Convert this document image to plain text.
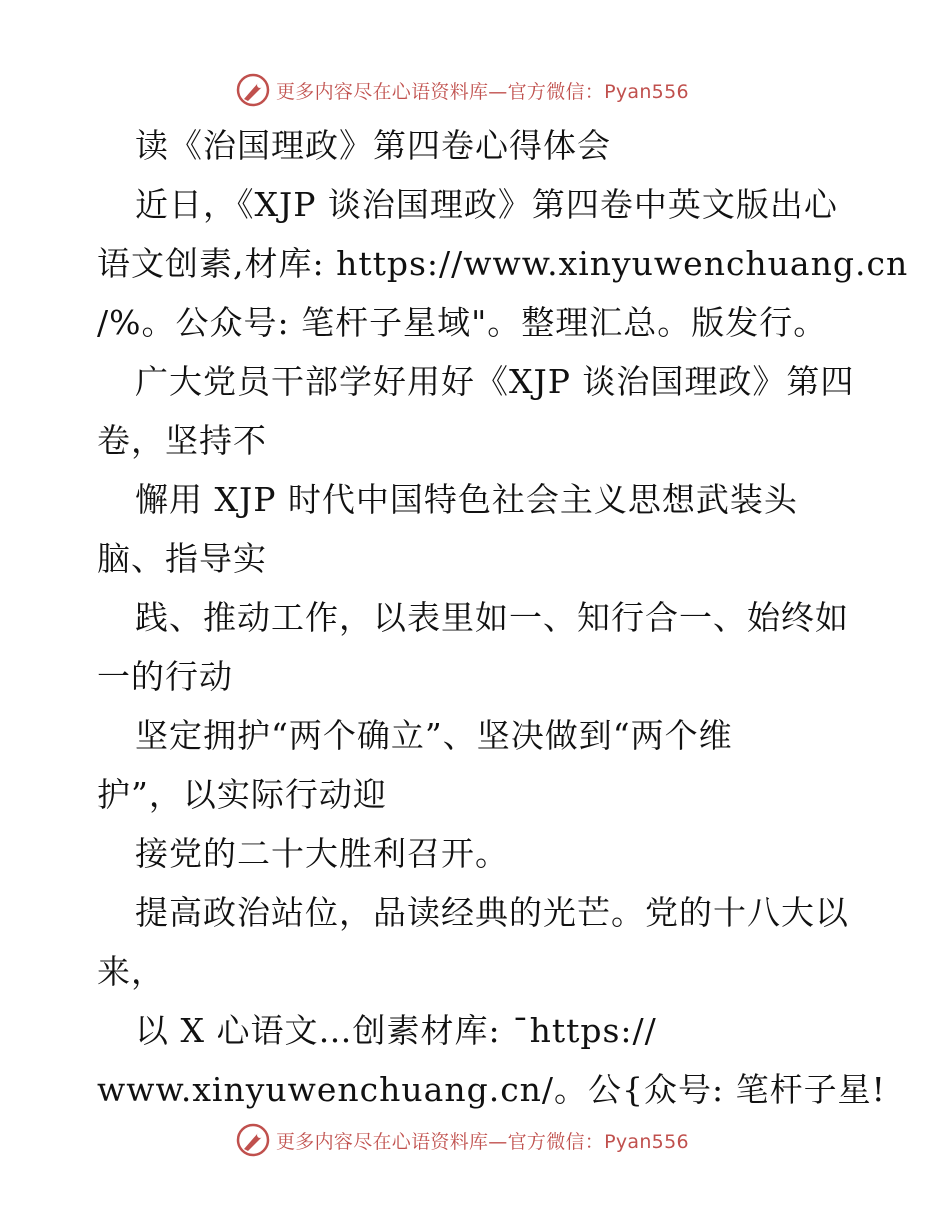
更多内容尽在心语资料库—官方微信：Pyan556
读《治国理政》第四卷心得体会
近日，《XJP 谈治国理政》第四卷中英文版出心
语文创素,材库: https://www.xinyuwenchuang.cn
/%。公众号: 笔杆子星域"。整理汇总。版发行。
广大党员干部学好用好《XJP 谈治国理政》第四
卷，坚持不
懈用 XJP 时代中国特色社会主义思想武装头
脑、指导实
践、推动工作，以表里如一、知行合一、始终如
一的行动
坚定拥护“两个确立”、坚决做到“两个维
护”，以实际行动迎
接党的二十大胜利召开。
提高政治站位，品读经典的光芒。党的十八大以
来，
以 X 心语文…创素材库: ¯https://
www.xinyuwenchuang.cn/。公{众号: 笔杆子星!
更多内容尽在心语资料库—官方微信：Pyan556
